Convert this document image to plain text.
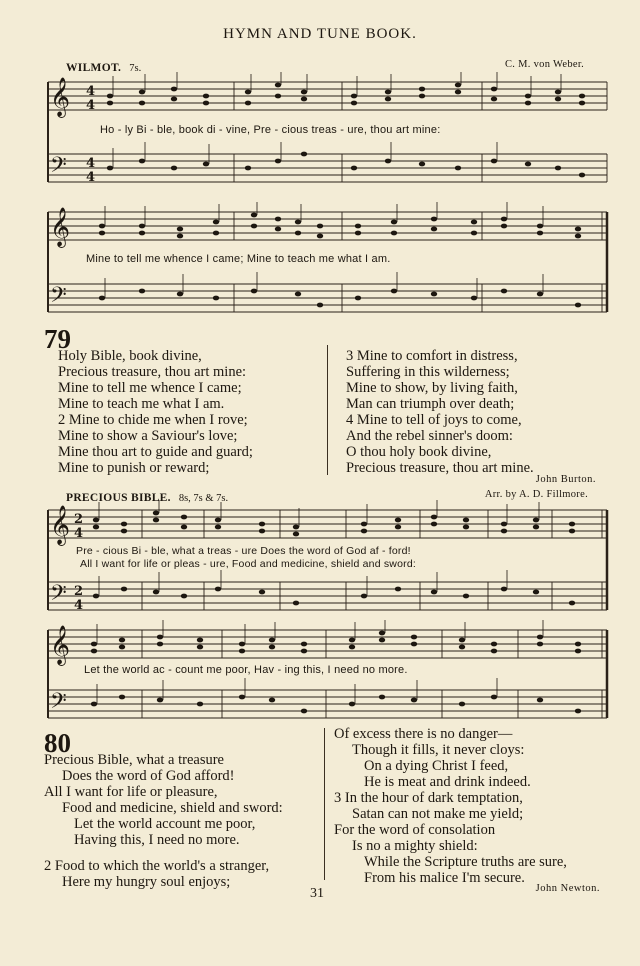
HYMN AND TUNE BOOK.
WILMOT. 7s.	C. M. von Weber.
𝄞
𝄢
4
4
4
4
Ho - ly Bi - ble, book di - vine, Pre - cious treas - ure, thou art mine:
𝄞
𝄢
Mine to tell me whence I came; Mine to teach me what I am.
79
Holy Bible, book divine,
Precious treasure, thou art mine:
Mine to tell me whence I came;
Mine to teach me what I am.
2 Mine to chide me when I rove;
Mine to show a Saviour's love;
Mine thou art to guide and guard;
Mine to punish or reward;
3 Mine to comfort in distress,
Suffering in this wilderness;
Mine to show, by living faith,
Man can triumph over death;
4 Mine to tell of joys to come,
And the rebel sinner's doom:
O thou holy book divine,
Precious treasure, thou art mine.
John Burton.
PRECIOUS BIBLE. 8s, 7s & 7s.	Arr. by A. D. Fillmore.
𝄞
𝄢
2
4
2
4
Pre - cious Bi - ble, what a treas - ure Does the word of God af - ford!
All I want for life or pleas - ure, Food and medicine, shield and sword:
𝄞
𝄢
Let the world ac - count me poor, Hav - ing this, I need no more.
80
Precious Bible, what a treasure
Does the word of God afford!
All I want for life or pleasure,
Food and medicine, shield and sword:
Let the world account me poor,
Having this, I need no more.
2 Food to which the world's a stranger,
Here my hungry soul enjoys;
Of excess there is no danger—
Though it fills, it never cloys:
On a dying Christ I feed,
He is meat and drink indeed.
3 In the hour of dark temptation,
Satan can not make me yield;
For the word of consolation
Is no a mighty shield:
While the Scripture truths are sure,
From his malice I'm secure.
John Newton.
31
